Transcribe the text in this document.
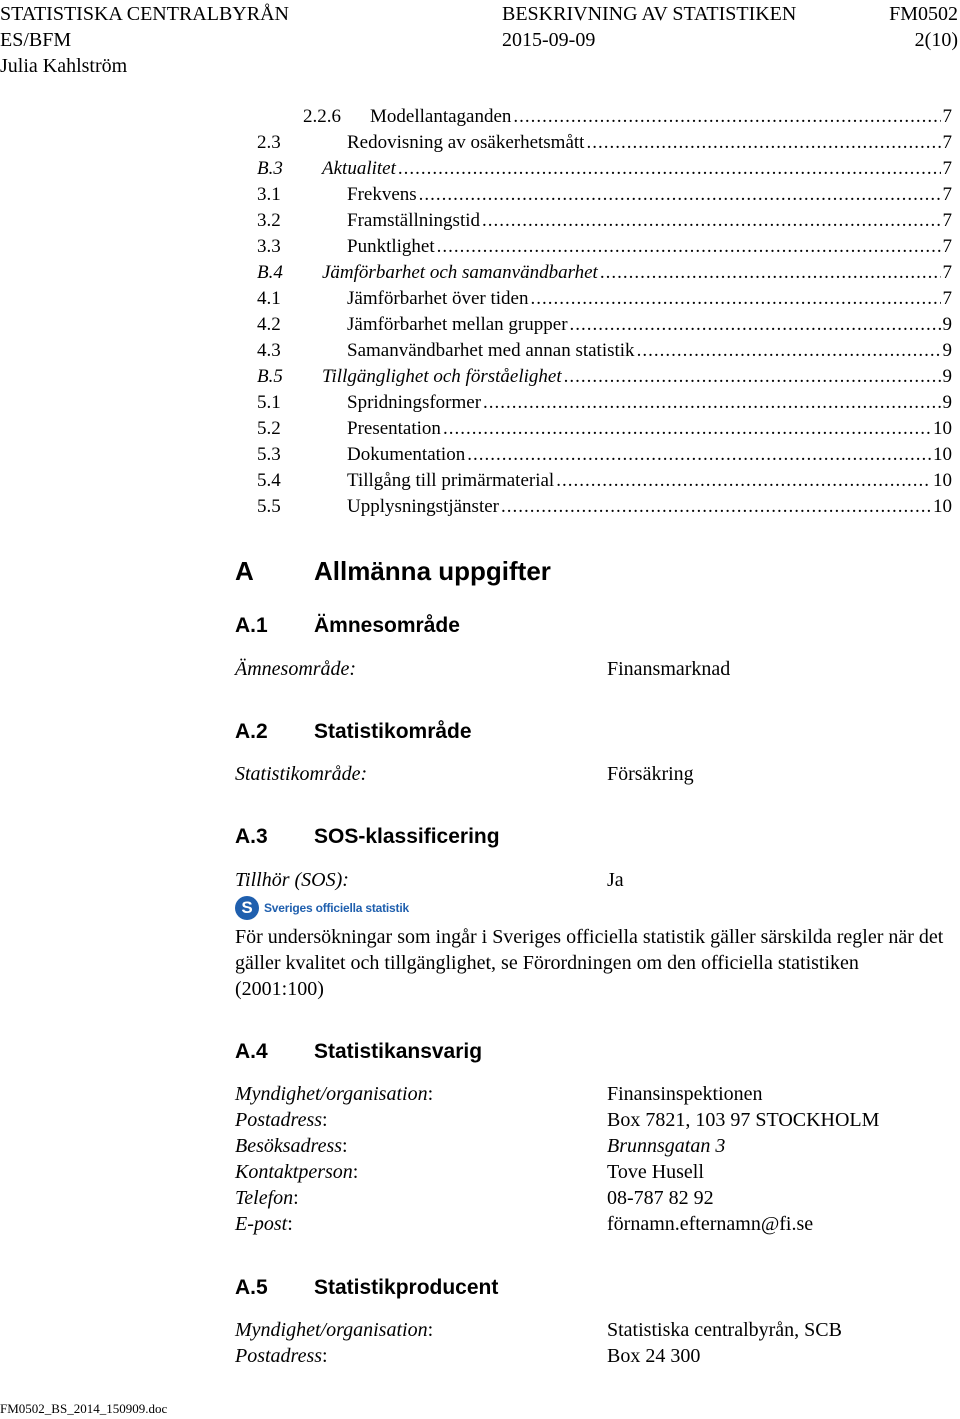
STATISTISKA CENTRALBYRÅN	BESKRIVNING AV STATISTIKEN	FM0502
ES/BFM	2015-09-09	2(10)
Julia Kahlström
2.2.6	Modellantaganden .....	7
2.3	Redovisning av osäkerhetsmått .....	7
B.3	Aktualitet .....	7
3.1	Frekvens .....	7
3.2	Framställningstid .....	7
3.3	Punktlighet .....	7
B.4	Jämförbarhet och samanvändbarhet .....	7
4.1	Jämförbarhet över tiden .....	7
4.2	Jämförbarhet mellan grupper .....	9
4.3	Samanvändbarhet med annan statistik .....	9
B.5	Tillgänglighet och förståelighet .....	9
5.1	Spridningsformer .....	9
5.2	Presentation .....	10
5.3	Dokumentation .....	10
5.4	Tillgång till primärmaterial .....	10
5.5	Upplysningstjänster .....	10
A Allmänna uppgifter
A.1 Ämnesområde
Ämnesområde:	Finansmarknad
A.2 Statistikområde
Statistikområde:	Försäkring
A.3 SOS-klassificering
Tillhör (SOS):	Ja
S Sveriges officiella statistik
För undersökningar som ingår i Sveriges officiella statistik gäller särskilda regler när det gäller kvalitet och tillgänglighet, se Förordningen om den officiella statistiken (2001:100)
A.4 Statistikansvarig
Myndighet/organisation:	Finansinspektionen
Postadress:	Box 7821, 103 97 STOCKHOLM
Besöksadress:	Brunnsgatan 3
Kontaktperson:	Tove Husell
Telefon:	08-787 82 92
E-post:	förnamn.efternamn@fi.se
A.5 Statistikproducent
Myndighet/organisation:	Statistiska centralbyrån, SCB
Postadress:	Box 24 300
FM0502_BS_2014_150909.doc
